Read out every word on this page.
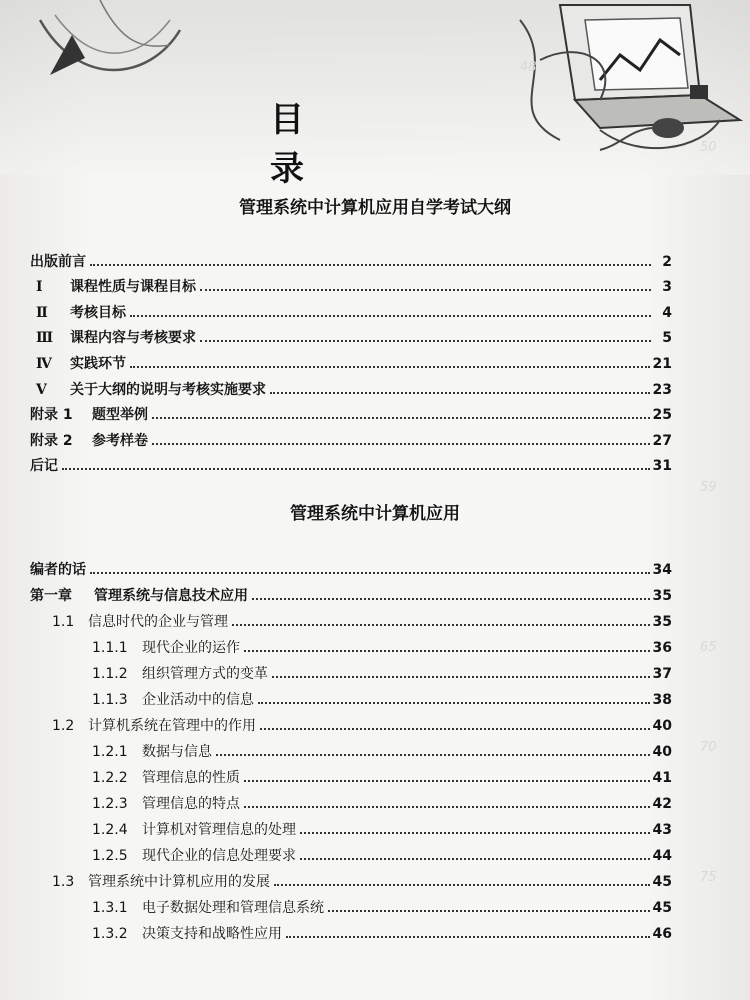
48
50
59
65
70
75
目　录
管理系统中计算机应用自学考试大纲
出版前言	2
Ⅰ	课程性质与课程目标	3
Ⅱ	考核目标	4
Ⅲ	课程内容与考核要求	5
Ⅳ	实践环节	21
Ⅴ	关于大纲的说明与考核实施要求	23
附录 1	题型举例	25
附录 2	参考样卷	27
后记	31
管理系统中计算机应用
编者的话	34
第一章	管理系统与信息技术应用	35
1.1 信息时代的企业与管理	35
1.1.1	现代企业的运作	36
1.1.2	组织管理方式的变革	37
1.1.3	企业活动中的信息	38
1.2 计算机系统在管理中的作用	40
1.2.1	数据与信息	40
1.2.2	管理信息的性质	41
1.2.3	管理信息的特点	42
1.2.4	计算机对管理信息的处理	43
1.2.5	现代企业的信息处理要求	44
1.3 管理系统中计算机应用的发展	45
1.3.1	电子数据处理和管理信息系统	45
1.3.2	决策支持和战略性应用	46
